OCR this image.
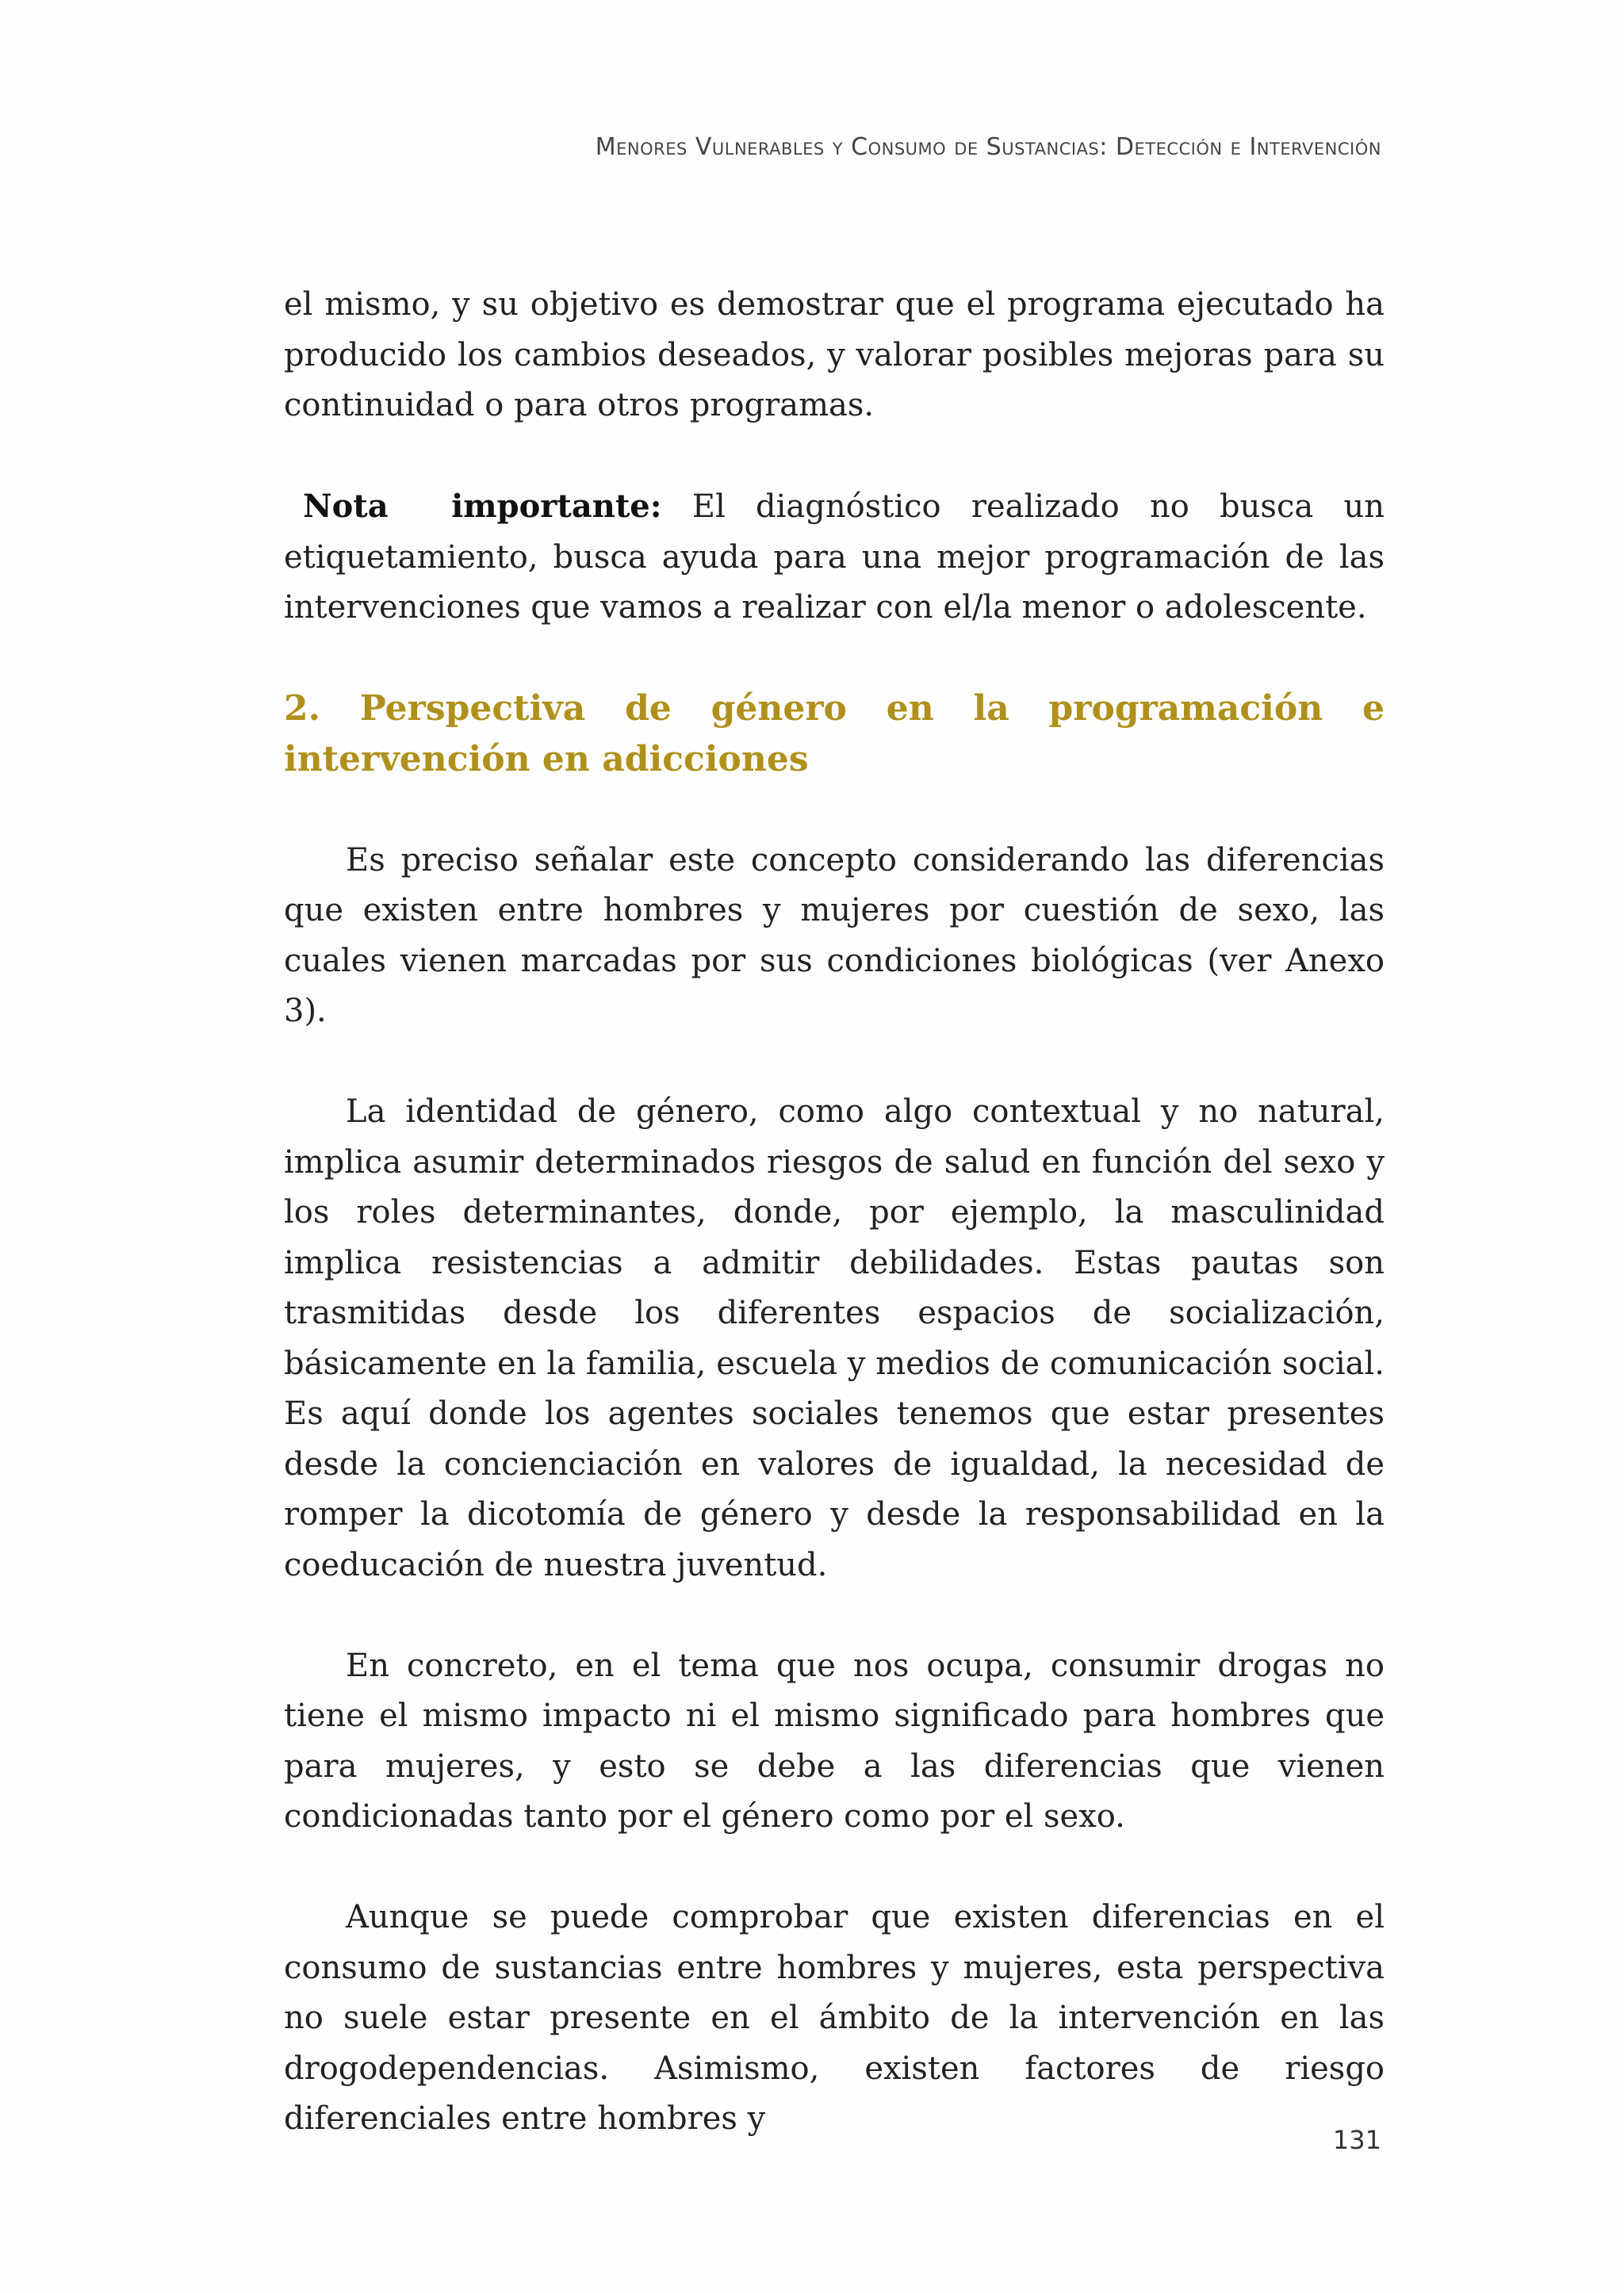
Menores Vulnerables y Consumo de Sustancias: Detección e Intervención

el mismo, y su objetivo es demostrar que el programa ejecutado ha producido los cambios deseados, y valorar posibles mejoras para su continuidad o para otros programas.

Nota importante: El diagnóstico realizado no busca un etiquetamiento, busca ayuda para una mejor programación de las intervenciones que vamos a realizar con el/la menor o adolescente.

2. Perspectiva de género en la programación e intervención en adicciones

Es preciso señalar este concepto considerando las diferencias que existen entre hombres y mujeres por cuestión de sexo, las cuales vienen marcadas por sus condiciones biológicas (ver Anexo 3).

La identidad de género, como algo contextual y no natural, implica asumir determinados riesgos de salud en función del sexo y los roles determinantes, donde, por ejemplo, la masculinidad implica resistencias a admitir debilidades. Estas pautas son trasmitidas desde los diferentes espacios de socialización, básicamente en la familia, escuela y medios de comunicación social. Es aquí donde los agentes sociales tenemos que estar presentes desde la concienciación en valores de igualdad, la necesidad de romper la dicotomía de género y desde la responsabilidad en la coeducación de nuestra juventud.

En concreto, en el tema que nos ocupa, consumir drogas no tiene el mismo impacto ni el mismo significado para hombres que para mujeres, y esto se debe a las diferencias que vienen condicionadas tanto por el género como por el sexo.

Aunque se puede comprobar que existen diferencias en el consumo de sustancias entre hombres y mujeres, esta perspectiva no suele estar presente en el ámbito de la intervención en las drogodependencias. Asimismo, existen factores de riesgo diferenciales entre hombres y

131
